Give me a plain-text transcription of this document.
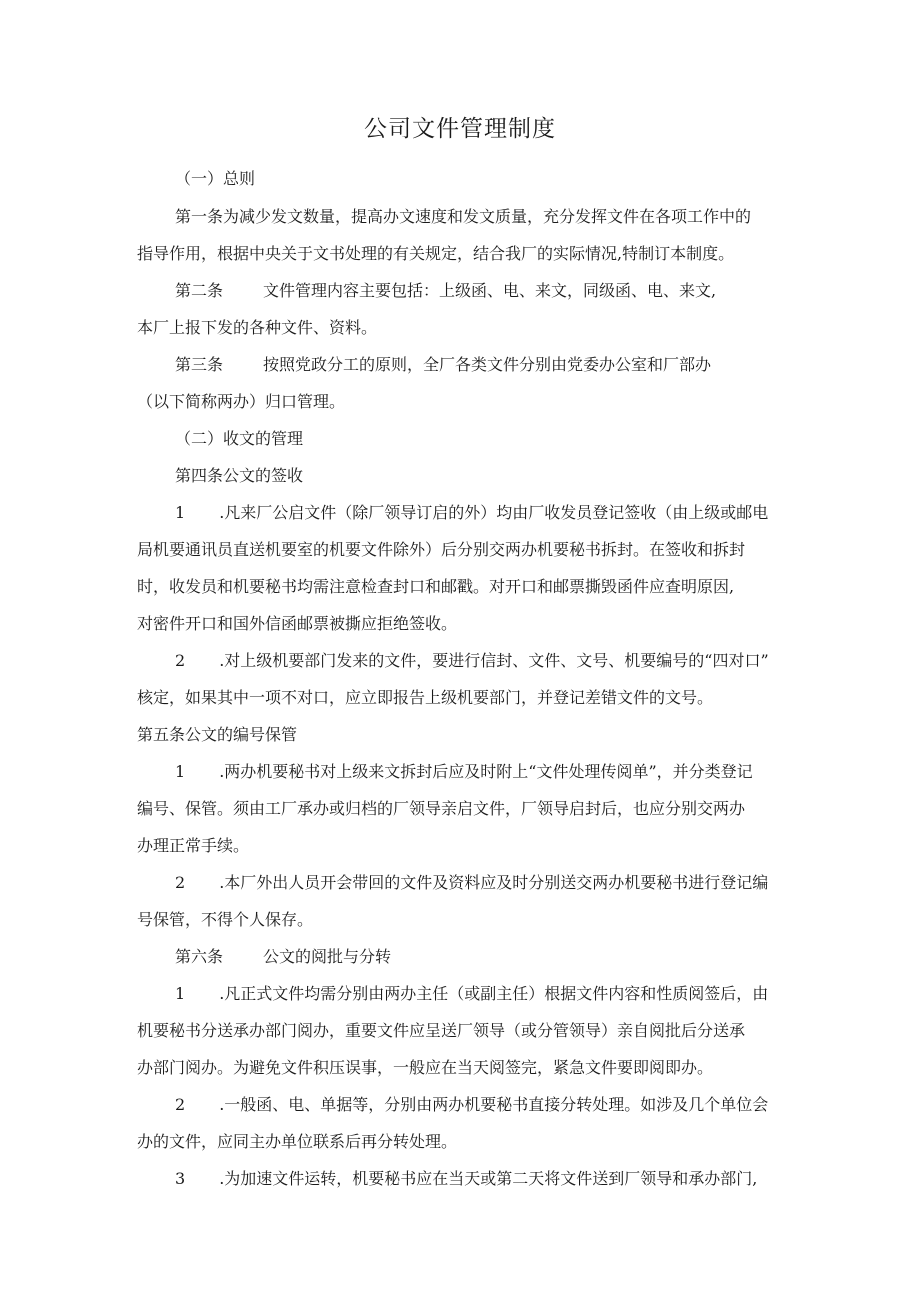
公司文件管理制度
（一）总则
第一条为减少发文数量，提高办文速度和发文质量，充分发挥文件在各项工作中的
指导作用，根据中央关于文书处理的有关规定，结合我厂的实际情况,特制订本制度。
第二条	文件管理内容主要包括：上级函、电、来文，同级函、电、来文,
本厂上报下发的各种文件、资料。
第三条	按照党政分工的原则，全厂各类文件分别由党委办公室和厂部办
（以下简称两办）归口管理。
（二）收文的管理
第四条公文的签收
1 .凡来厂公启文件（除厂领导订启的外）均由厂收发员登记签收（由上级或邮电
局机要通讯员直送机要室的机要文件除外）后分别交两办机要秘书拆封。在签收和拆封
时，收发员和机要秘书均需注意检查封口和邮戳。对开口和邮票撕毁函件应查明原因,
对密件开口和国外信函邮票被撕应拒绝签收。
2 .对上级机要部门发来的文件，要进行信封、文件、文号、机要编号的“四对口”
核定，如果其中一项不对口，应立即报告上级机要部门，并登记差错文件的文号。
第五条公文的编号保管
1 .两办机要秘书对上级来文拆封后应及时附上“文件处理传阅单”，并分类登记
编号、保管。须由工厂承办或归档的厂领导亲启文件，厂领导启封后，也应分别交两办
办理正常手续。
2 .本厂外出人员开会带回的文件及资料应及时分别送交两办机要秘书进行登记编
号保管，不得个人保存。
第六条	公文的阅批与分转
1 .凡正式文件均需分别由两办主任（或副主任）根据文件内容和性质阅签后，由
机要秘书分送承办部门阅办，重要文件应呈送厂领导（或分管领导）亲自阅批后分送承
办部门阅办。为避免文件积压误事，一般应在当天阅签完，紧急文件要即阅即办。
2 .一般函、电、单据等，分别由两办机要秘书直接分转处理。如涉及几个单位会
办的文件，应同主办单位联系后再分转处理。
3 .为加速文件运转，机要秘书应在当天或第二天将文件送到厂领导和承办部门,
